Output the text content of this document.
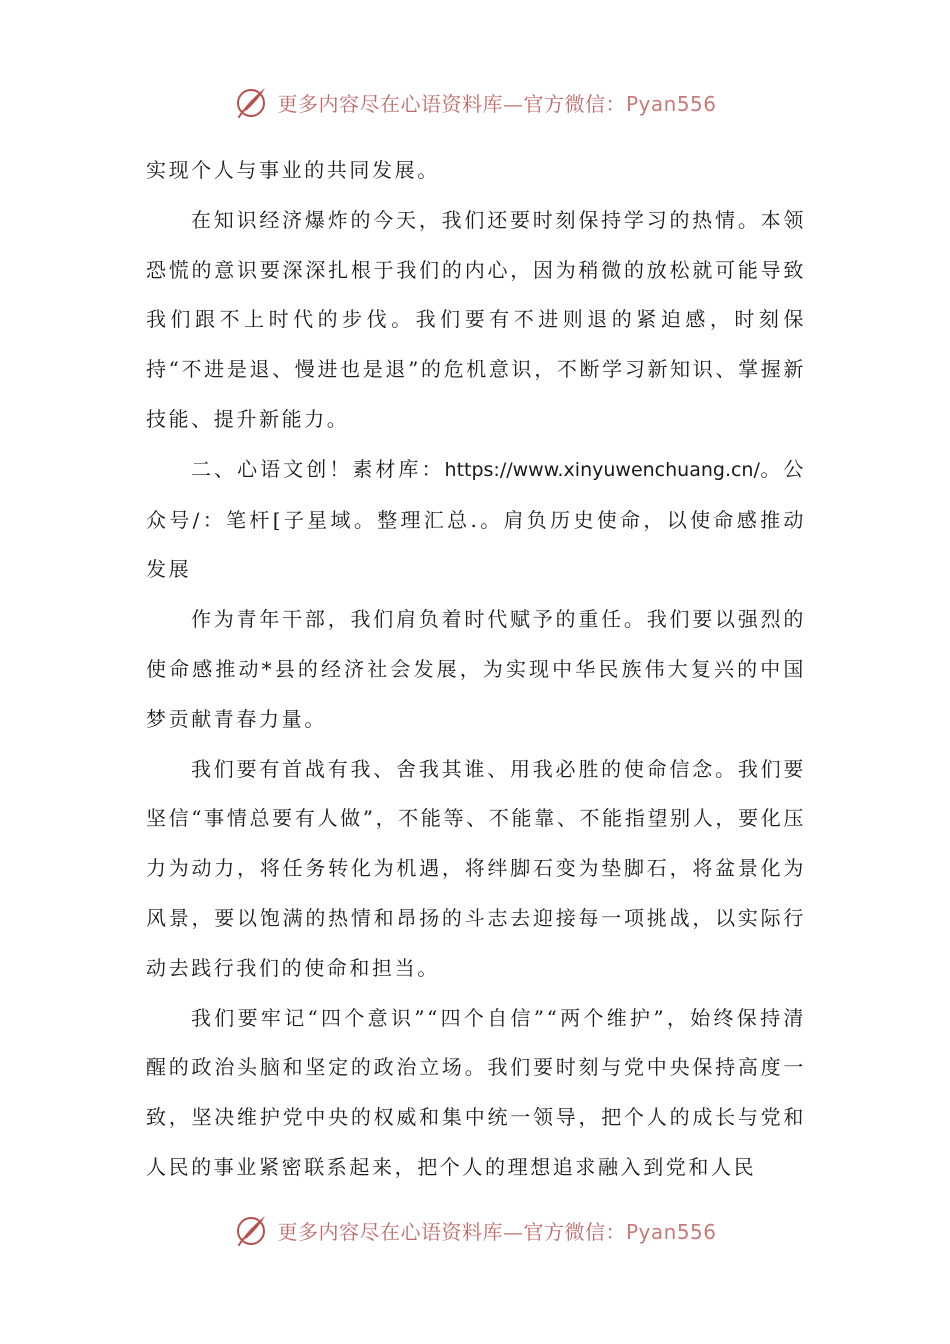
更多内容尽在心语资料库—官方微信：Pyan556

实现个人与事业的共同发展。

在知识经济爆炸的今天，我们还要时刻保持学习的热情。本领恐慌的意识要深深扎根于我们的内心，因为稍微的放松就可能导致我们跟不上时代的步伐。我们要有不进则退的紧迫感，时刻保持“不进是退、慢进也是退”的危机意识，不断学习新知识、掌握新技能、提升新能力。

二、心语文创！素材库：https://www.xinyuwenchuang.cn/。公众号/：笔杆[子星域。整理汇总.。肩负历史使命，以使命感推动发展

作为青年干部，我们肩负着时代赋予的重任。我们要以强烈的使命感推动*县的经济社会发展，为实现中华民族伟大复兴的中国梦贡献青春力量。

我们要有首战有我、舍我其谁、用我必胜的使命信念。我们要坚信“事情总要有人做”，不能等、不能靠、不能指望别人，要化压力为动力，将任务转化为机遇，将绊脚石变为垫脚石，将盆景化为风景，要以饱满的热情和昂扬的斗志去迎接每一项挑战，以实际行动去践行我们的使命和担当。

我们要牢记“四个意识”“四个自信”“两个维护”，始终保持清醒的政治头脑和坚定的政治立场。我们要时刻与党中央保持高度一致，坚决维护党中央的权威和集中统一领导，把个人的成长与党和人民的事业紧密联系起来，把个人的理想追求融入到党和人民

更多内容尽在心语资料库—官方微信：Pyan556
